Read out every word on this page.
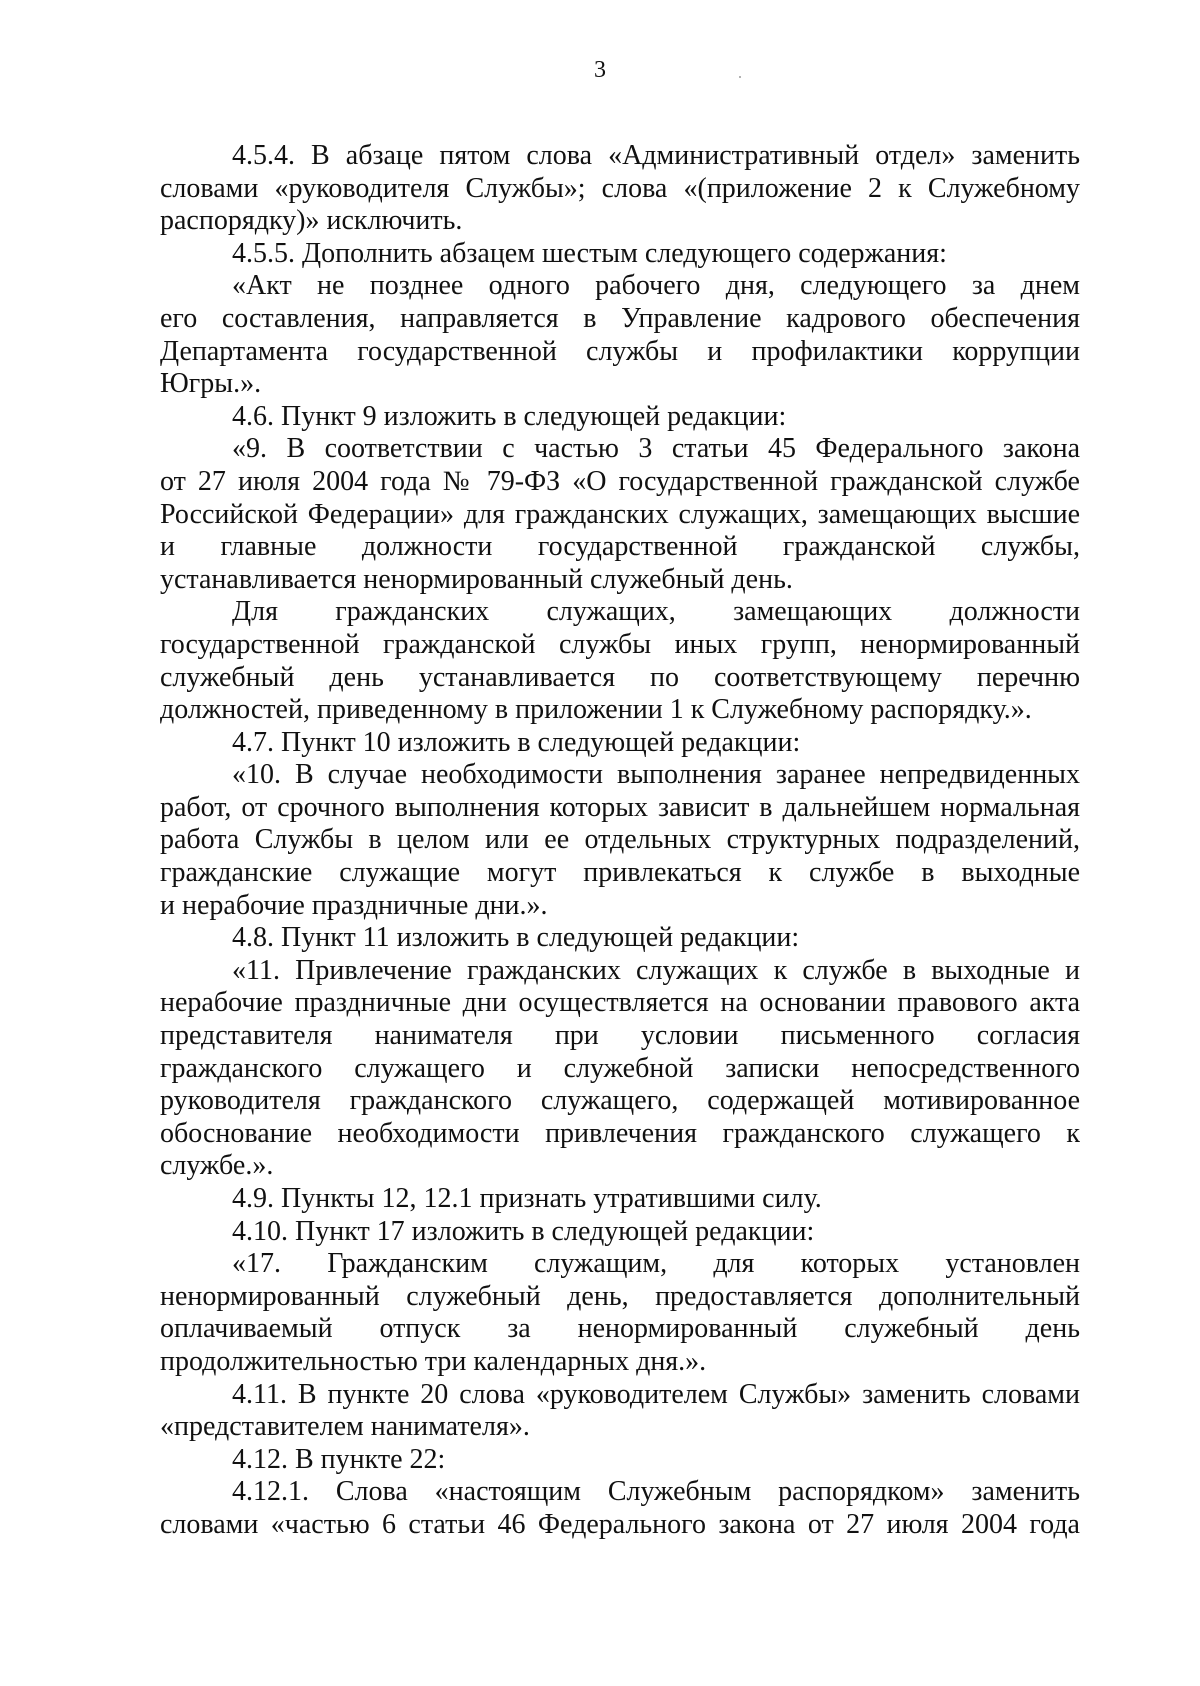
3
4.5.4. В абзаце пятом слова «Административный отдел» заменить
словами «руководителя Службы»; слова «(приложение 2 к Служебному
распорядку)» исключить.
4.5.5. Дополнить абзацем шестым следующего содержания:
«Акт не позднее одного рабочего дня, следующего за днем
его составления, направляется в Управление кадрового обеспечения
Департамента государственной службы и профилактики коррупции
Югры.».
4.6. Пункт 9 изложить в следующей редакции:
«9. В соответствии с частью 3 статьи 45 Федерального закона
от 27 июля 2004 года № 79-ФЗ «О государственной гражданской службе
Российской Федерации» для гражданских служащих, замещающих высшие
и главные должности государственной гражданской службы,
устанавливается ненормированный служебный день.
Для гражданских служащих, замещающих должности
государственной гражданской службы иных групп, ненормированный
служебный день устанавливается по соответствующему перечню
должностей, приведенному в приложении 1 к Служебному распорядку.».
4.7. Пункт 10 изложить в следующей редакции:
«10. В случае необходимости выполнения заранее непредвиденных
работ, от срочного выполнения которых зависит в дальнейшем нормальная
работа Службы в целом или ее отдельных структурных подразделений,
гражданские служащие могут привлекаться к службе в выходные
и нерабочие праздничные дни.».
4.8. Пункт 11 изложить в следующей редакции:
«11. Привлечение гражданских служащих к службе в выходные и
нерабочие праздничные дни осуществляется на основании правового акта
представителя нанимателя при условии письменного согласия
гражданского служащего и служебной записки непосредственного
руководителя гражданского служащего, содержащей мотивированное
обоснование необходимости привлечения гражданского служащего к
службе.».
4.9. Пункты 12, 12.1 признать утратившими силу.
4.10. Пункт 17 изложить в следующей редакции:
«17. Гражданским служащим, для которых установлен
ненормированный служебный день, предоставляется дополнительный
оплачиваемый отпуск за ненормированный служебный день
продолжительностью три календарных дня.».
4.11. В пункте 20 слова «руководителем Службы» заменить словами
«представителем нанимателя».
4.12. В пункте 22:
4.12.1. Слова «настоящим Служебным распорядком» заменить
словами «частью 6 статьи 46 Федерального закона от 27 июля 2004 года
